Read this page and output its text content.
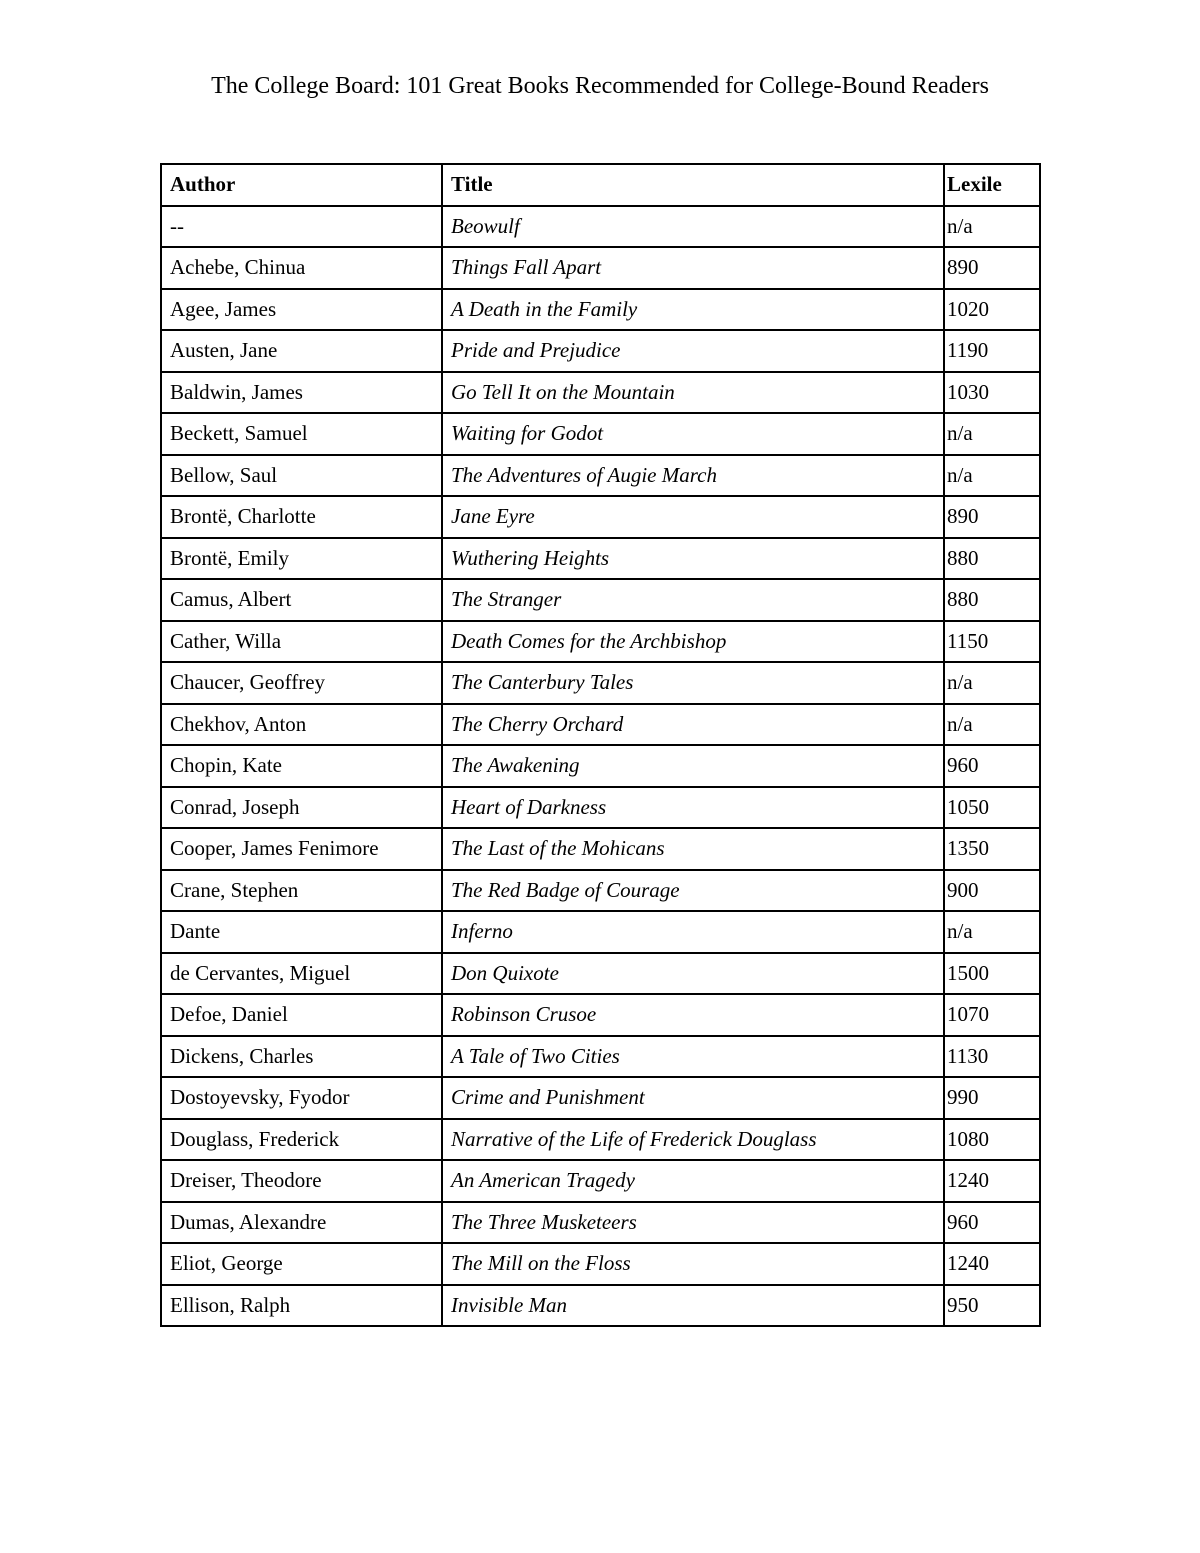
The College Board: 101 Great Books Recommended for College-Bound Readers
Author	Title	Lexile
--	Beowulf	n/a
Achebe, Chinua	Things Fall Apart	890
Agee, James	A Death in the Family	1020
Austen, Jane	Pride and Prejudice	1190
Baldwin, James	Go Tell It on the Mountain	1030
Beckett, Samuel	Waiting for Godot	n/a
Bellow, Saul	The Adventures of Augie March	n/a
Brontë, Charlotte	Jane Eyre	890
Brontë, Emily	Wuthering Heights	880
Camus, Albert	The Stranger	880
Cather, Willa	Death Comes for the Archbishop	1150
Chaucer, Geoffrey	The Canterbury Tales	n/a
Chekhov, Anton	The Cherry Orchard	n/a
Chopin, Kate	The Awakening	960
Conrad, Joseph	Heart of Darkness	1050
Cooper, James Fenimore	The Last of the Mohicans	1350
Crane, Stephen	The Red Badge of Courage	900
Dante	Inferno	n/a
de Cervantes, Miguel	Don Quixote	1500
Defoe, Daniel	Robinson Crusoe	1070
Dickens, Charles	A Tale of Two Cities	1130
Dostoyevsky, Fyodor	Crime and Punishment	990
Douglass, Frederick	Narrative of the Life of Frederick Douglass	1080
Dreiser, Theodore	An American Tragedy	1240
Dumas, Alexandre	The Three Musketeers	960
Eliot, George	The Mill on the Floss	1240
Ellison, Ralph	Invisible Man	950
